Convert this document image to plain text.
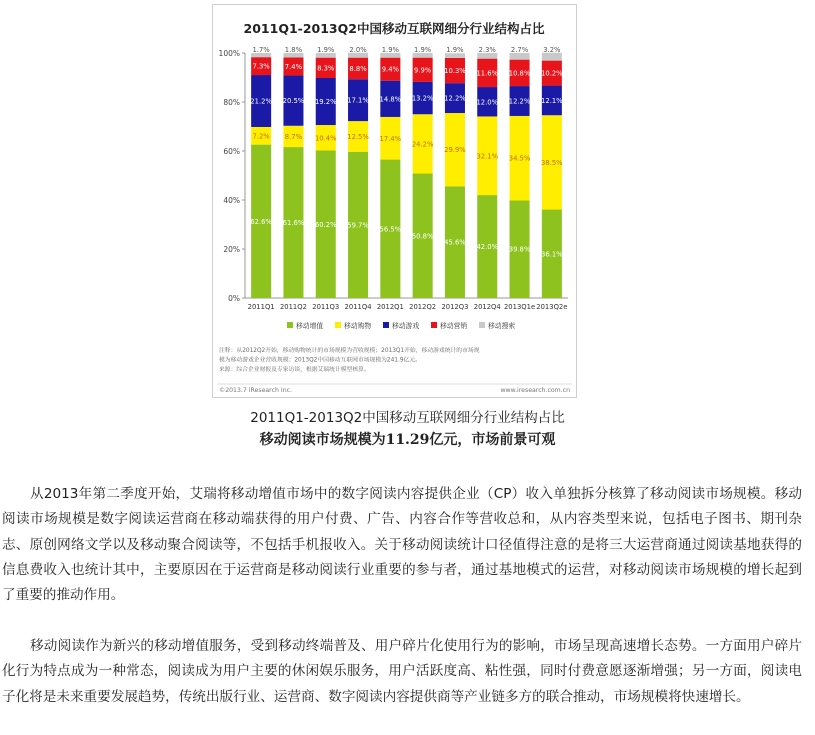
2011Q1-2013Q2中国移动互联网细分行业结构占比
0%
20%
40%
60%
80%
100%
62.6%
7.2%
21.2%
7.3%
1.7%
2011Q1
61.6%
8.7%
20.5%
7.4%
1.8%
2011Q2
60.2%
10.4%
19.2%
8.3%
1.9%
2011Q3
59.7%
12.5%
17.1%
8.8%
2.0%
2011Q4
56.5%
17.4%
14.8%
9.4%
1.9%
2012Q1
50.8%
24.2%
13.2%
9.9%
1.9%
2012Q2
45.6%
29.9%
12.2%
10.3%
1.9%
2012Q3
42.0%
32.1%
12.0%
11.6%
2.3%
2012Q4
39.8%
34.5%
12.2%
10.8%
2.7%
2013Q1e
36.1%
38.5%
12.1%
10.2%
3.2%
2013Q2e
移动增值	移动购物	移动游戏	移动营销	移动搜索
注释：从2012Q2开始，移动购物统计的市场规模为营收规模；2013Q1开始，移动游戏统计的市场规
模为移动游戏企业营收规模；2013Q2中国移动互联网市场规模为241.9亿元。
来源：综合企业财报及专家访谈，根据艾瑞统计模型核算。
©2013.7 iResearch Inc.	www.iresearch.com.cn
2011Q1-2013Q2中国移动互联网细分行业结构占比
移动阅读市场规模为11.29亿元，市场前景可观

从2013年第二季度开始，艾瑞将移动增值市场中的数字阅读内容提供企业（CP）收入单独拆分核算了移动阅读市场规模。移动阅读市场规模是数字阅读运营商在移动端获得的用户付费、广告、内容合作等营收总和，从内容类型来说，包括电子图书、期刊杂志、原创网络文学以及移动聚合阅读等，不包括手机报收入。关于移动阅读统计口径值得注意的是将三大运营商通过阅读基地获得的信息费收入也统计其中，主要原因在于运营商是移动阅读行业重要的参与者，通过基地模式的运营，对移动阅读市场规模的增长起到了重要的推动作用。

移动阅读作为新兴的移动增值服务，受到移动终端普及、用户碎片化使用行为的影响，市场呈现高速增长态势。一方面用户碎片化行为特点成为一种常态，阅读成为用户主要的休闲娱乐服务，用户活跃度高、粘性强，同时付费意愿逐渐增强；另一方面，阅读电子化将是未来重要发展趋势，传统出版行业、运营商、数字阅读内容提供商等产业链多方的联合推动，市场规模将快速增长。
